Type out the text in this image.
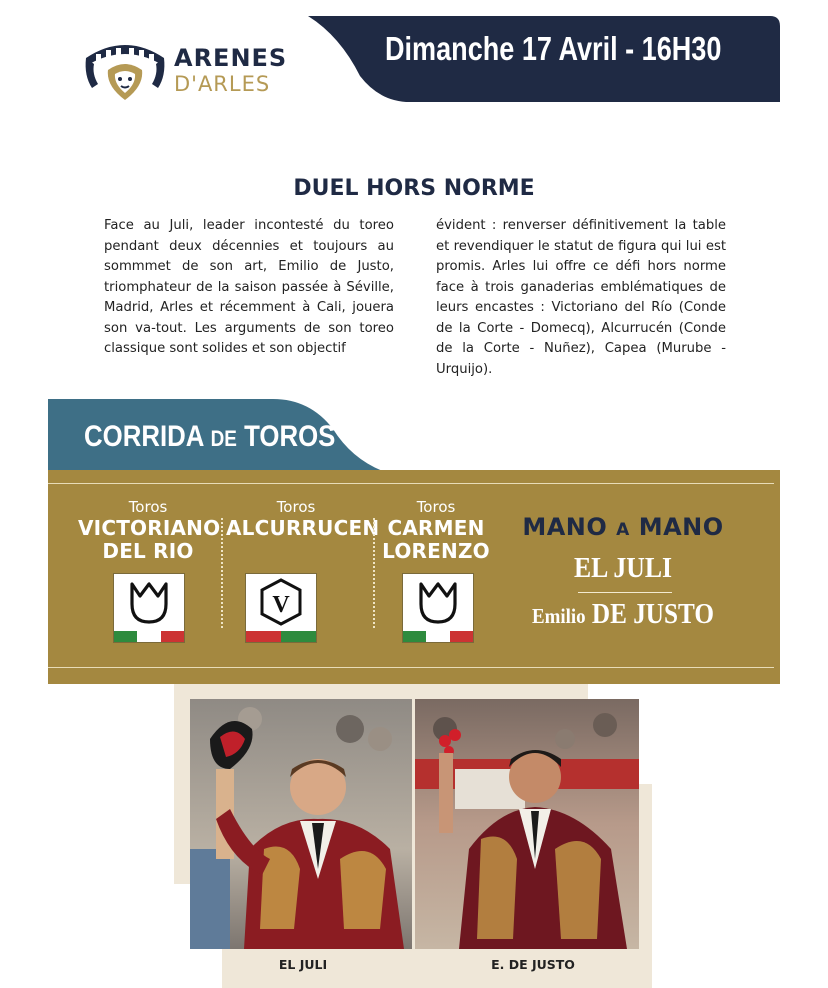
ARENES
D'ARLES
Dimanche 17 Avril - 16H30
DUEL HORS NORME
Face au Juli, leader incontesté du toreo pendant deux décennies et toujours au sommmet de son art, Emilio de Justo, triomphateur de la saison passée à Séville, Madrid, Arles et récemment à Cali, jouera son va-tout. Les arguments de son toreo classique sont solides et son objectif
évident : renverser définitivement la table et revendiquer le statut de figura qui lui est promis. Arles lui offre ce défi hors norme face à trois ganaderias emblématiques de leurs encastes : Victoriano del Río (Conde de la Corte - Domecq), Alcurrucén (Conde de la Corte - Nuñez), Capea (Murube - Urquijo).
CORRIDA DE TOROS
Toros
VICTORIANO
DEL RIO
Toros
ALCURRUCEN
Toros
CARMEN
LORENZO
V
MANO A MANO
EL JULI
Emilio DE JUSTO
EL JULI	E. DE JUSTO
